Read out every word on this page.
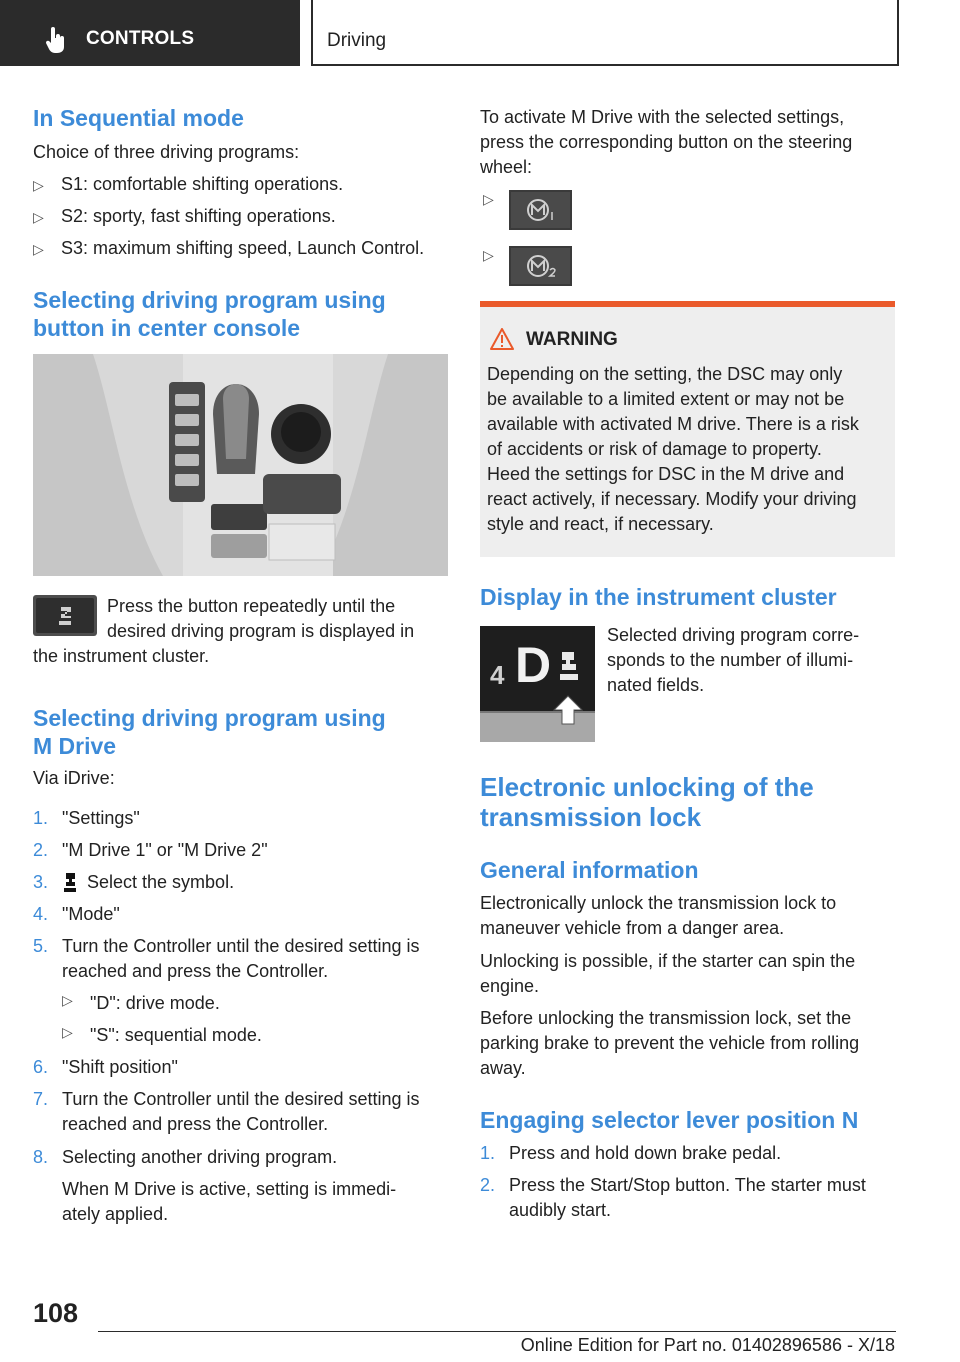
CONTROLS	Driving
In Sequential mode
Choice of three driving programs:
▷ S1: comfortable shifting operations.
▷ S2: sporty, fast shifting operations.
▷ S3: maximum shifting speed, Launch Control.
Selecting driving program using
button in center console
Press the button repeatedly until the
desired driving program is displayed in
the instrument cluster.
Selecting driving program using
M Drive
Via iDrive:
1. "Settings"
2. "M Drive 1" or "M Drive 2"
3. Select the symbol.
4. "Mode"
5. Turn the Controller until the desired setting is
reached and press the Controller.
▷ "D": drive mode.
▷ "S": sequential mode.
6. "Shift position"
7. Turn the Controller until the desired setting is
reached and press the Controller.
8. Selecting another driving program.
When M Drive is active, setting is immedi-
ately applied.
To activate M Drive with the selected settings,
press the corresponding button on the steering
wheel:
▷
▷
WARNING
Depending on the setting, the DSC may only
be available to a limited extent or may not be
available with activated M drive. There is a risk
of accidents or risk of damage to property.
Heed the settings for DSC in the M drive and
react actively, if necessary. Modify your driving
style and react, if necessary.
Display in the instrument cluster
4 D
Selected driving program corre-
sponds to the number of illumi-
nated fields.
Electronic unlocking of the
transmission lock
General information
Electronically unlock the transmission lock to
maneuver vehicle from a danger area.
Unlocking is possible, if the starter can spin the
engine.
Before unlocking the transmission lock, set the
parking brake to prevent the vehicle from rolling
away.
Engaging selector lever position N
1. Press and hold down brake pedal.
2. Press the Start/Stop button. The starter must
audibly start.
108
Online Edition for Part no. 01402896586 - X/18
